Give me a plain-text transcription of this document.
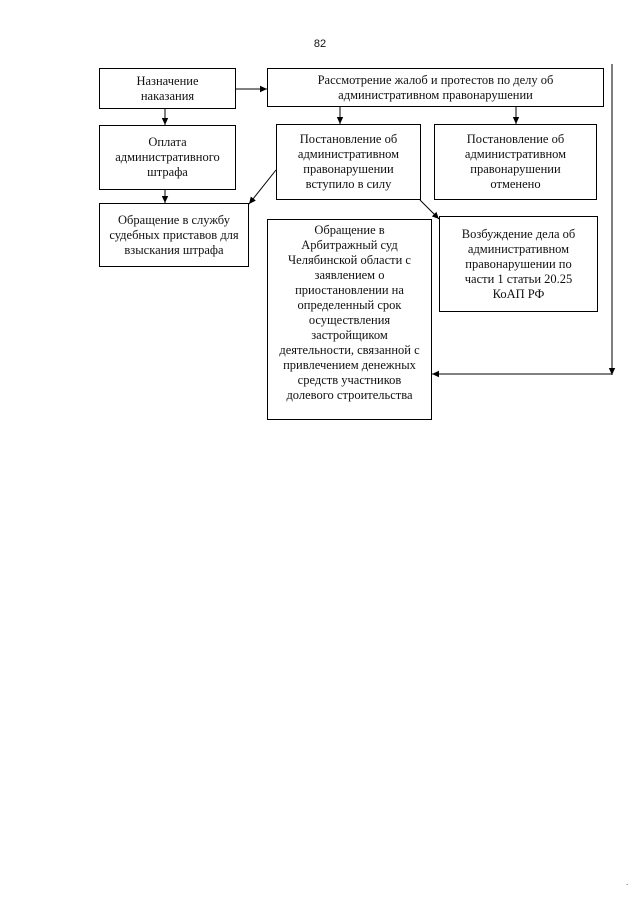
82
Назначение
наказания
Рассмотрение жалоб и протестов по делу об
административном правонарушении
Оплата
административного
штрафа
Постановление об
административном
правонарушении
вступило в силу
Постановление об
административном
правонарушении
отменено
Обращение в службу
судебных приставов для
взыскания штрафа
Обращение в
Арбитражный суд
Челябинской области с
заявлением о
приостановлении на
определенный срок
осуществления
застройщиком
деятельности, связанной с
привлечением денежных
средств участников
долевого строительства
Возбуждение дела об
административном
правонарушении по
части 1 статьи 20.25
КоАП РФ
.
